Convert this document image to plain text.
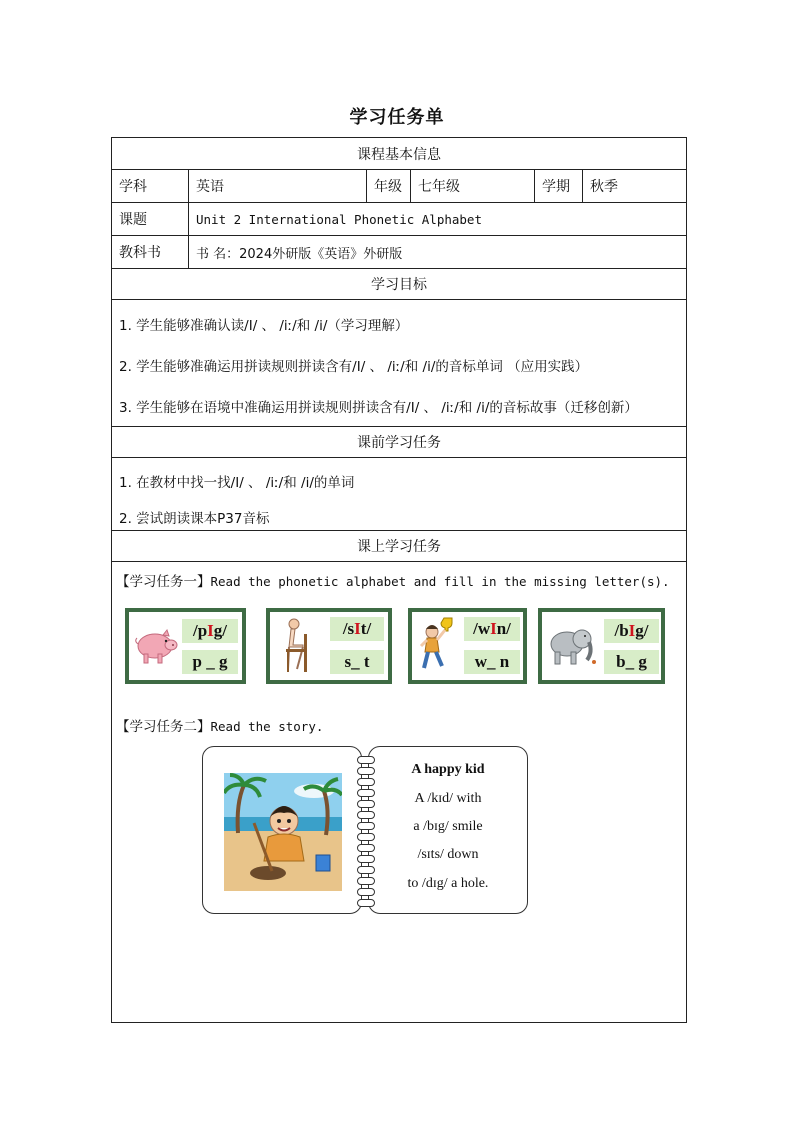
学习任务单
课程基本信息
学科	英语	年级	七年级	学期	秋季
课题	Unit 2 International Phonetic Alphabet
教科书	书 名：2024外研版《英语》外研版
学习目标
1. 学生能够准确认读/I/ 、 /iː/和 /i/（学习理解）
2. 学生能够准确运用拼读规则拼读含有/I/ 、 /iː/和 /i/的音标单词 （应用实践）
3. 学生能够在语境中准确运用拼读规则拼读含有/I/ 、 /iː/和 /i/的音标故事（迁移创新）
课前学习任务
1. 在教材中找一找/I/ 、 /iː/和 /i/的单词
2. 尝试朗读课本P37音标
课上学习任务
【学习任务一】Read the phonetic alphabet and fill in the missing letter(s).
/p I g/
p _ g
/s I t/
s_ t
/w I n/
w_ n
/b I g/
b_ g
【学习任务二】Read the story.
A happy kid
A /kɪd/ with
a /bɪg/ smile
/sɪts/ down
to /dɪg/ a hole.
